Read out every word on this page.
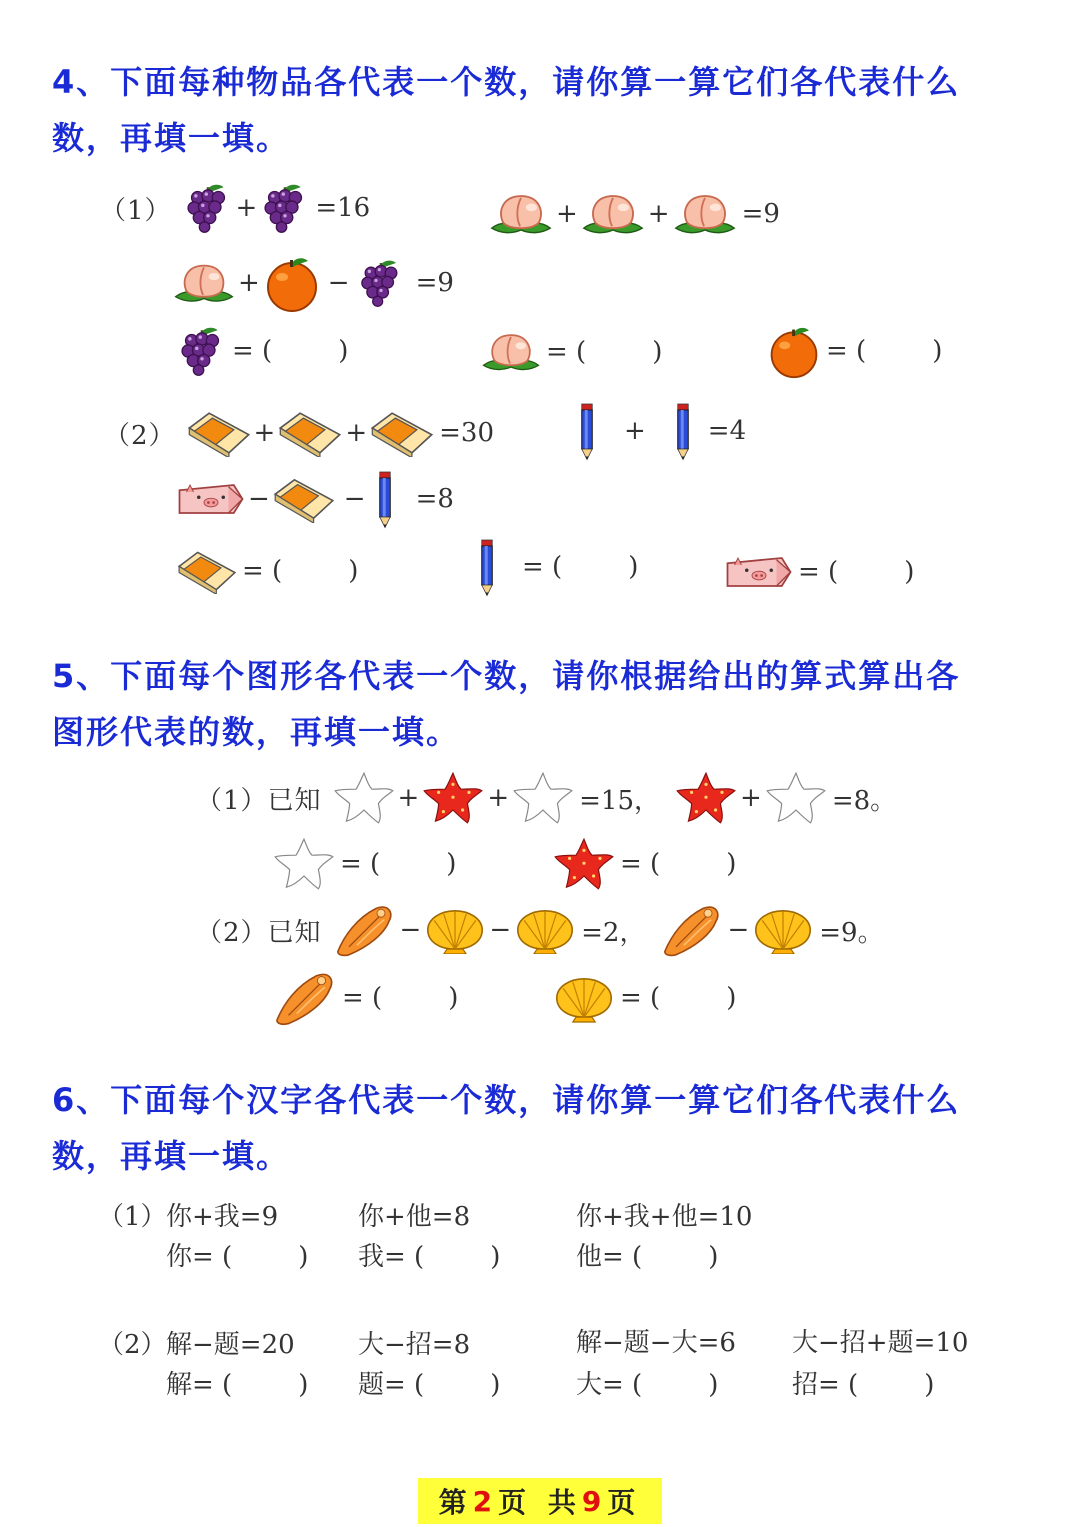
4、下面每种物品各代表一个数，请你算一算它们各代表什么
数，再填一填。
（1） + =16	+	+	=9
+	−	=9
= (        )	= (        )	= (        )
（2）	+	+	=30	+ =4
−	− =8
= (        )	= (        )	= (        )
5、下面每个图形各代表一个数，请你根据给出的算式算出各
图形代表的数，再填一填。
（1）已知	+	+	=15，	+	=8。
= (        )	= (        )
（2）已知	−	−	=2，	−	=9。
= (        )	= (        )
6、下面每个汉字各代表一个数，请你算一算它们各代表什么
数，再填一填。
（1） 你+我=9	你+他=8	你+我+他=10
你= (        ) 我= (        )	他= (        )
（2） 解−题=20 大−招=8	解−题−大=6 大−招+题=10
解= (        ) 题= (        )	大= (        )	招= (        )
第 2 页 共 9 页
